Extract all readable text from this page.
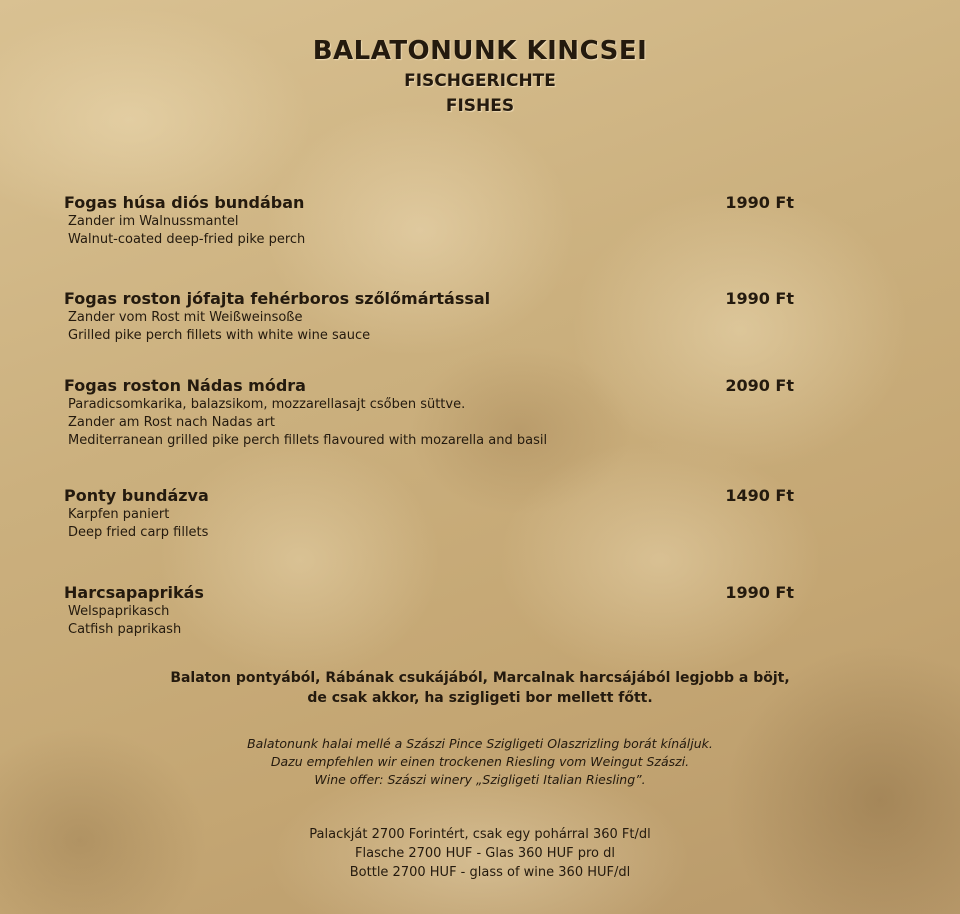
BALATONUNK KINCSEI
FISCHGERICHTE
FISHES
Fogas húsa diós bundában
Zander im Walnussmantel
Walnut-coated deep-fried pike perch
1990 Ft
Fogas roston jófajta fehérboros szőlőmártással
Zander vom Rost mit Weißweinsoße
Grilled pike perch fillets with white wine sauce
1990 Ft
Fogas roston Nádas módra
Paradicsomkarika, balazsikom, mozzarellasajt csőben süttve.
Zander am Rost nach Nadas art
Mediterranean grilled pike perch fillets flavoured with mozarella and basil
2090 Ft
Ponty bundázva
Karpfen paniert
Deep fried carp fillets
1490 Ft
Harcsapaprikás
Welspaprikasch
Catfish paprikash
1990 Ft
Balaton pontyából, Rábának csukájából, Marcalnak harcsájából legjobb a böjt,
de csak akkor, ha szigligeti bor mellett főtt.
Balatonunk halai mellé a Szászi Pince Szigligeti Olaszrizling borát kínáljuk.
Dazu empfehlen wir einen trockenen Riesling vom Weingut Szászi.
Wine offer: Szászi winery „Szigligeti Italian Riesling”.
Palackját 2700 Forintért, csak egy pohárral 360 Ft/dl
Flasche 2700 HUF - Glas 360 HUF pro dl
Bottle 2700 HUF - glass of wine 360 HUF/dl
